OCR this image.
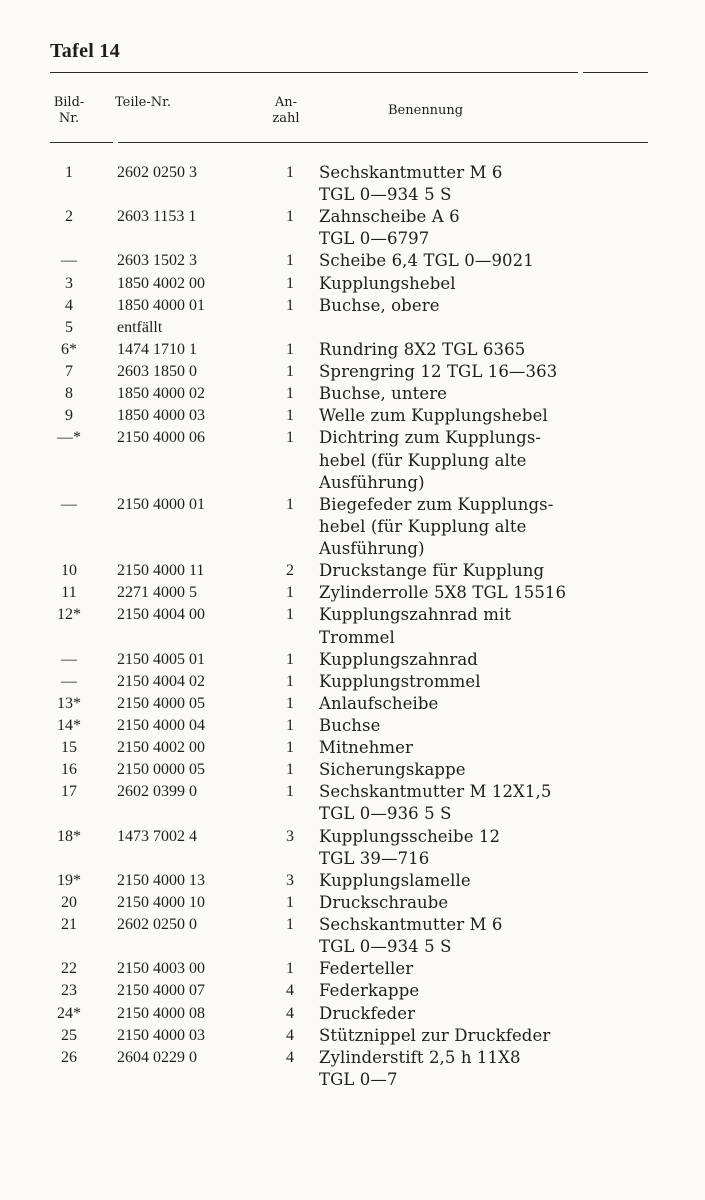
Tafel 14
Bild-
Nr.
Teile-Nr.	An-
zahl
Benennung
1	2602 0250 3	1	Sechskantmutter M 6
TGL 0—934 5 S
2	2603 1153 1	1	Zahnscheibe A 6
TGL 0—6797
—	2603 1502 3	1	Scheibe 6,4 TGL 0—9021
3	1850 4002 00	1	Kupplungshebel
4	1850 4000 01	1	Buchse, obere
5	entfällt
6*	1474 1710 1	1	Rundring 8X2 TGL 6365
7	2603 1850 0	1	Sprengring 12 TGL 16—363
8	1850 4000 02	1	Buchse, untere
9	1850 4000 03	1	Welle zum Kupplungshebel
—*	2150 4000 06	1	Dichtring zum Kupplungs-
hebel (für Kupplung alte
Ausführung)
—	2150 4000 01	1	Biegefeder zum Kupplungs-
hebel (für Kupplung alte
Ausführung)
10	2150 4000 11	2	Druckstange für Kupplung
11	2271 4000 5	1	Zylinderrolle 5X8 TGL 15516
12*	2150 4004 00	1	Kupplungszahnrad mit
Trommel
—	2150 4005 01	1	Kupplungszahnrad
—	2150 4004 02	1	Kupplungstrommel
13*	2150 4000 05	1	Anlaufscheibe
14*	2150 4000 04	1	Buchse
15	2150 4002 00	1	Mitnehmer
16	2150 0000 05	1	Sicherungskappe
17	2602 0399 0	1	Sechskantmutter M 12X1,5
TGL 0—936 5 S
18*	1473 7002 4	3	Kupplungsscheibe 12
TGL 39—716
19*	2150 4000 13	3	Kupplungslamelle
20	2150 4000 10	1	Druckschraube
21	2602 0250 0	1	Sechskantmutter M 6
TGL 0—934 5 S
22	2150 4003 00	1	Federteller
23	2150 4000 07	4	Federkappe
24*	2150 4000 08	4	Druckfeder
25	2150 4000 03	4	Stütznippel zur Druckfeder
26	2604 0229 0	4	Zylinderstift 2,5 h 11X8
TGL 0—7
